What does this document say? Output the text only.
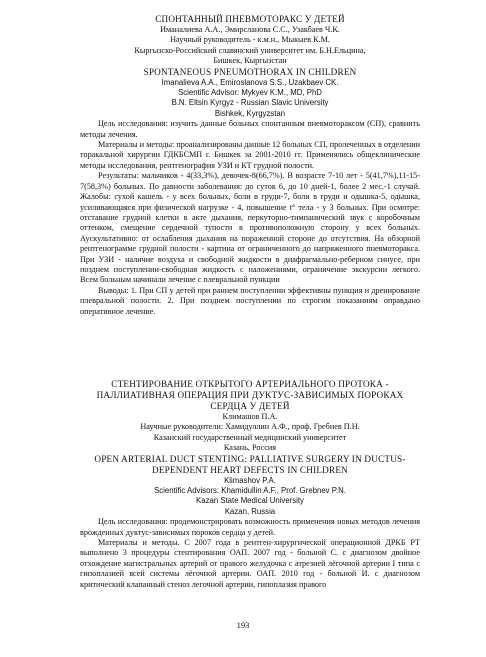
СПОНТАННЫЙ ПНЕВМОТОРАКС У ДЕТЕЙ
Иманалиева А.А., Эмирсланова С.С., Узакбаев Ч.К.
Научный руководитель - к.м.н., Мыкыев К.М.
Кыргызско-Российский славянский университет им. Б.Н.Ельцина,
Бишкек, Кыргызстан
SPONTANEOUS PNEUMOTHORAX IN CHILDREN
Imanalieva A.A., Emiroslanova S.S., Uzakbaev CK.
Scientific Advisor: Mykyev K.M., MD, PhD
B.N. Eltsin Kyrgyz - Russian Slavic University
Bishkek, Kyrgyzstan

Цель исследования: изучить данные больных спонтанным пневмотораксом (СП), сравнить методы лечения.

Материалы и методы: проанализированы данные 12 больных СП, пролеченных в отделении торакальной хирургии ГДКБСМП г. Бишкек за 2001-2010 гг. Применялись общеклинические методы исследования, рентгенография УЗИ и КТ грудной полости.

Результаты: мальчиков - 4(33,3%), девочек-8(66,7%). В возрасте 7-10 лет - 5(41,7%),11-15-7(58,3%) больных. По давности заболевания: до суток 6, до 10 дней-1, более 2 мес.-1 случай. Жалобы: сухой кашель - у всех больных, боли в груди-7, боли в груди и одышка-5, одышка, усиливающаяся при физической нагрузке - 4, повышение t° тела - у 3 больных. При осмотре: отставание грудной клетки в акте дыхания, перкуторно-тимпанический звук с коробочным оттенком, смещение сердечной тупости в противоположную сторону у всех больных. Аускультативно: от ослабления дыхания на пораженной стороне до отсутствия. На обзорной рентгенограмме грудной полости - картина от ограниченного до напряженного пневмоторакса. При УЗИ - наличие воздуха и свободной жидкости в диафрагмально-реберном синусе, при позднем поступлении-свободная жидкость с наложениями, ограничение экскурсии легкого. Всем больным начинали лечение с плевральной пункции

Выводы: 1. При СП у детей при раннем поступлении эффективны пункция и дренирование плевральной полости. 2. При позднем поступлении по строгим показаниям оправдано оперативное лечение.

СТЕНТИРОВАНИЕ ОТКРЫТОГО АРТЕРИАЛЬНОГО ПРОТОКА - ПАЛЛИАТИВНАЯ ОПЕРАЦИЯ ПРИ ДУКТУС-ЗАВИСИМЫХ ПОРОКАХ СЕРДЦА У ДЕТЕЙ
Климашов П.А.
Научные руководители: Хамидуллин А.Ф., проф. Гребнев П.Н.
Казанский государственный медицинский университет
Казань, Россия
OPEN ARTERIAL DUCT STENTING: PALLIATIVE SURGERY IN DUCTUS-DEPENDENT HEART DEFECTS IN CHILDREN
Klimashov P.A.
Scientific Advisors: Khamidullin A.F., Prof. Grebnev P.N.
Kazan State Medical University
Kazan, Russia

Цель исследования: продемонстрировать возможность применения новых методов лечения врожденных дуктус-зависимых пороков сердца у детей.

Материалы и методы. С 2007 года в рентген-хирургической операционной ДРКБ РТ выполнено 3 процедуры стентирования ОАП. 2007 год - больной С. с диагнозом двойное отхождение магистральных артерий от правого желудочка с атрезией лёгочной артерии I типа с гипоплазией всей системы лёгочной артерии. ОАП. 2010 год - больной И. с диагнозом критический клапанный стеноз легочной артерии, гипоплазия правого

193
